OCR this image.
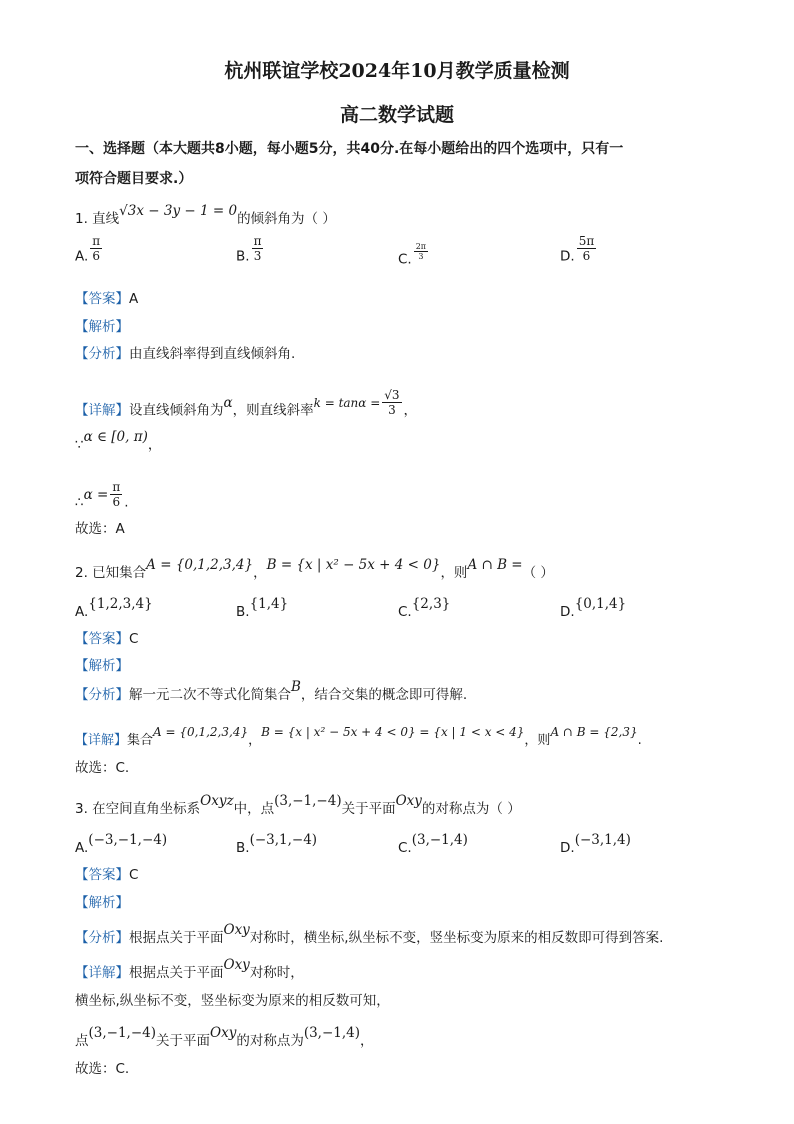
杭州联谊学校2024年10月教学质量检测
高二数学试题
一、选择题（本大题共8小题，每小题5分，共40分.在每小题给出的四个选项中，只有一
项符合题目要求.）
1. 直线√3x − 3y − 1 = 0的倾斜角为（ ）
A. $\frac{\pi}{6}$	B. $\frac{\pi}{3}$	C. $\frac{2\pi}{3}$	D. $\frac{5\pi}{6}$
【答案】A
【解析】
【分析】由直线斜率得到直线倾斜角.
【详解】设直线倾斜角为α，则直线斜率$k = \tan\alpha = \frac{√3}{3}$ ，
∵α ∈ [0, π)，
∴α = $\frac{\pi}{6}$ .
故选：A
2. 已知集合A = {0,1,2,3,4}，B = {x | x² − 5x + 4 < 0}，则A ∩ B =（ ）
A.{1,2,3,4}	B.{1,4}	C.{2,3}	D.{0,1,4}
【答案】C
【解析】
【分析】解一元二次不等式化简集合B，结合交集的概念即可得解.
【详解】集合A = {0,1,2,3,4}，B = {x | x² − 5x + 4 < 0} = {x | 1 < x < 4}，则A ∩ B = {2,3}.
故选：C.
3. 在空间直角坐标系Oxyz中，点(3,−1,−4)关于平面Oxy的对称点为（ ）
A.(−3,−1,−4)	B.(−3,1,−4)	C.(3,−1,4)	D.(−3,1,4)
【答案】C
【解析】
【分析】根据点关于平面Oxy对称时，横坐标,纵坐标不变，竖坐标变为原来的相反数即可得到答案.
【详解】根据点关于平面Oxy对称时，
横坐标,纵坐标不变，竖坐标变为原来的相反数可知，
点(3,−1,−4)关于平面Oxy的对称点为(3,−1,4)，
故选：C.
